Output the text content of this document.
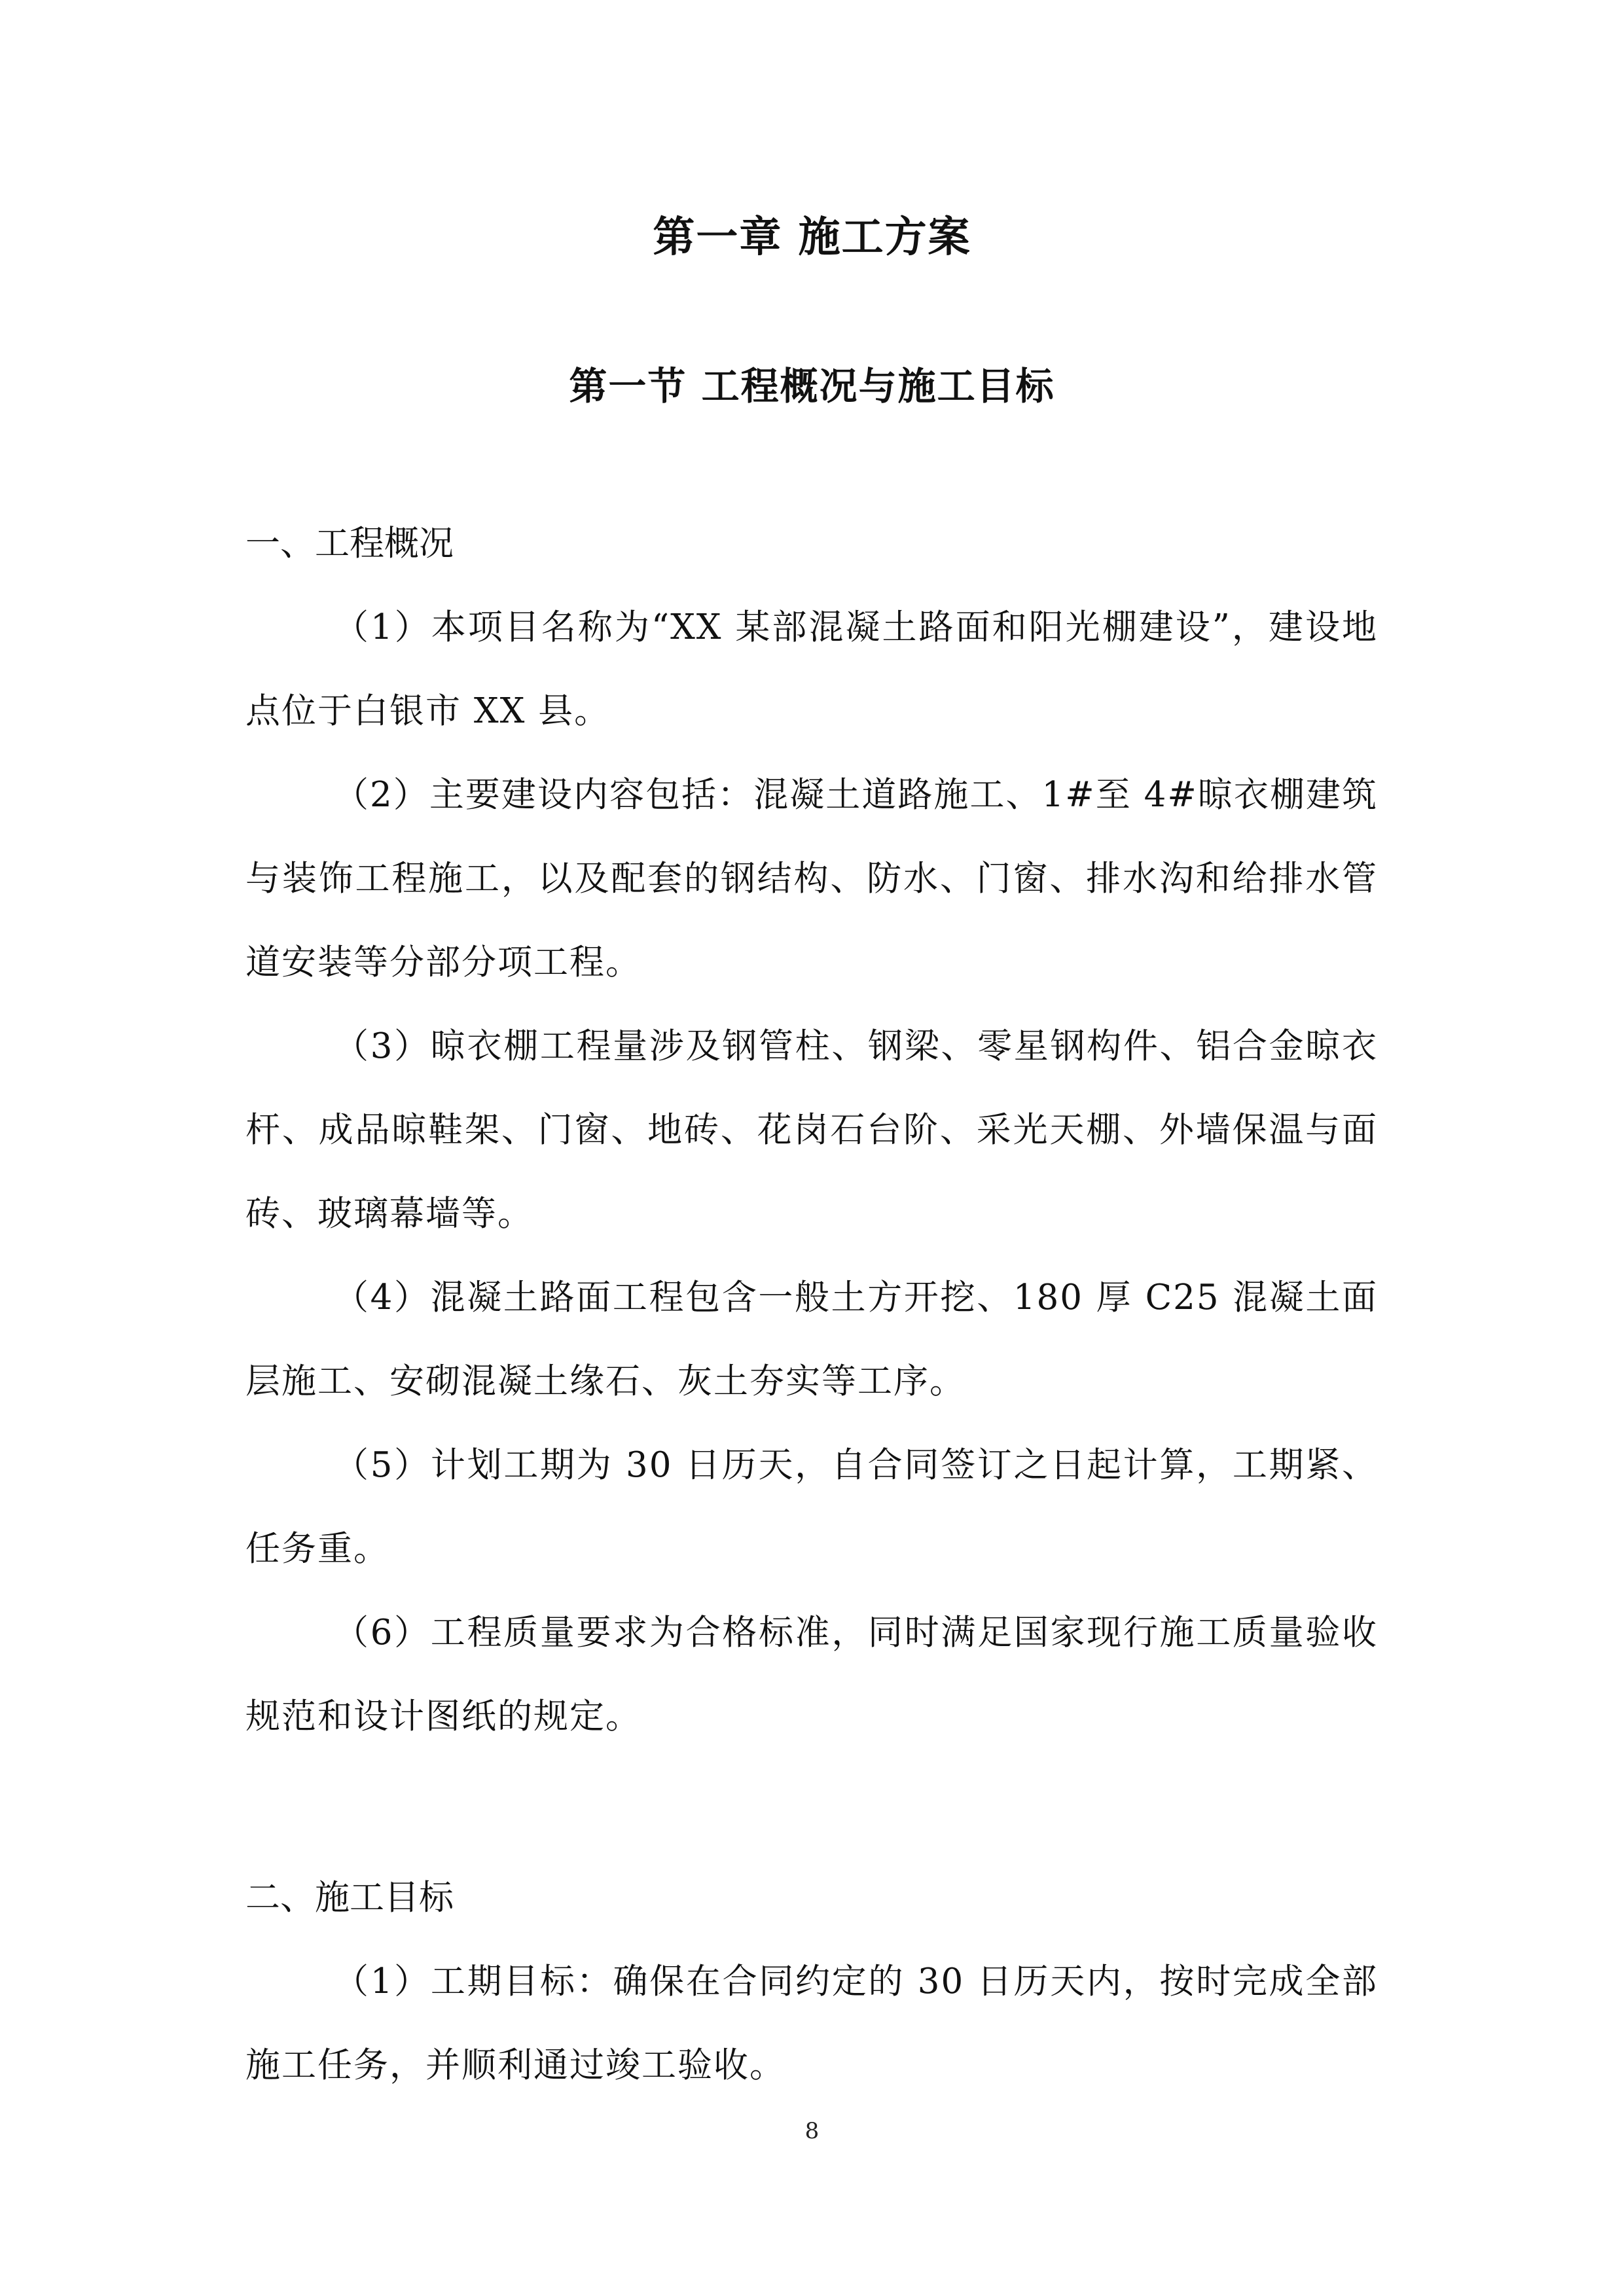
第一章 施工方案
第一节 工程概况与施工目标

一、工程概况

（1）本项目名称为“XX 某部混凝土路面和阳光棚建设”，建设地点位于白银市 XX 县。

（2）主要建设内容包括：混凝土道路施工、1#至 4#晾衣棚建筑与装饰工程施工，以及配套的钢结构、防水、门窗、排水沟和给排水管道安装等分部分项工程。

（3）晾衣棚工程量涉及钢管柱、钢梁、零星钢构件、铝合金晾衣杆、成品晾鞋架、门窗、地砖、花岗石台阶、采光天棚、外墙保温与面砖、玻璃幕墙等。

（4）混凝土路面工程包含一般土方开挖、180 厚 C25 混凝土面层施工、安砌混凝土缘石、灰土夯实等工序。

（5）计划工期为 30 日历天，自合同签订之日起计算，工期紧、任务重。

（6）工程质量要求为合格标准，同时满足国家现行施工质量验收规范和设计图纸的规定。

二、施工目标

（1）工期目标：确保在合同约定的 30 日历天内，按时完成全部施工任务，并顺利通过竣工验收。

8
